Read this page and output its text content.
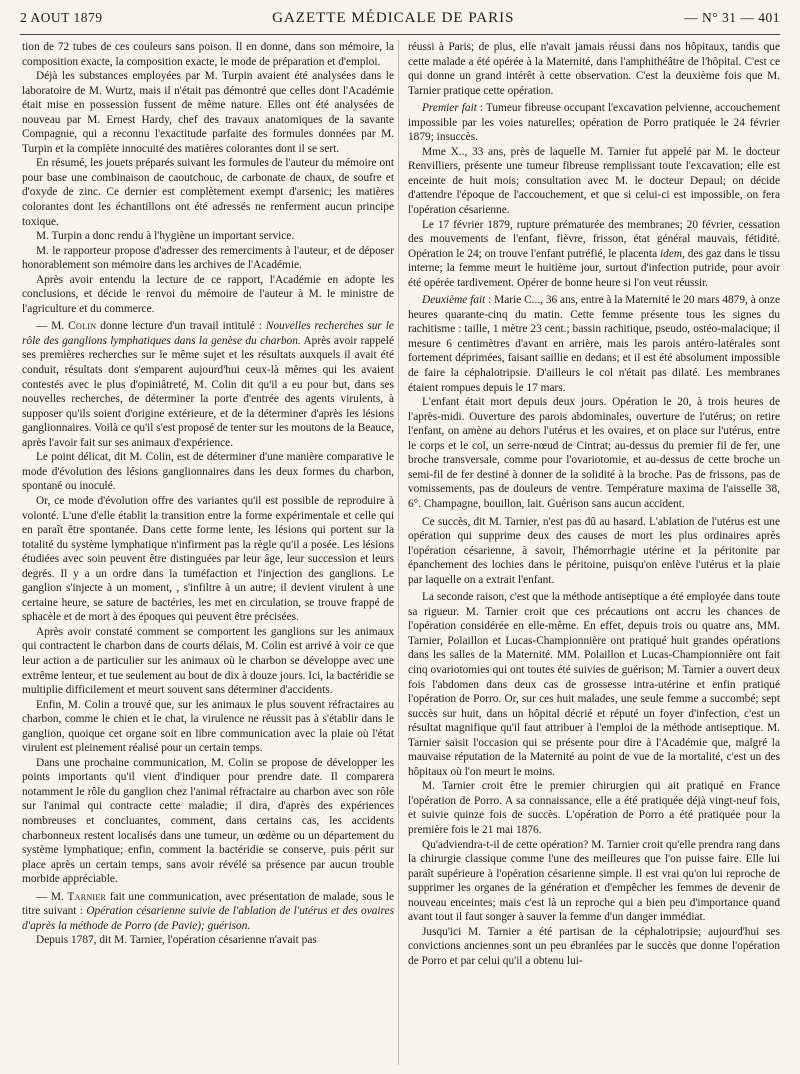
2 AOUT 1879	GAZETTE MÉDICALE DE PARIS	— N° 31 — 401

tion de 72 tubes de ces couleurs sans poison. Il en donne, dans son mémoire, la composition exacte, la composition exacte, le mode de préparation et d'emploi.

Déjà les substances employées par M. Turpin avaient été analysées dans le laboratoire de M. Wurtz, mais il n'était pas démontré que celles dont l'Académie était mise en possession fussent de même nature. Elles ont été analysées de nouveau par M. Ernest Hardy, chef des travaux anatomiques de la savante Compagnie, qui a reconnu l'exactitude parfaite des formules données par M. Turpin et la complète innocuité des matières colorantes dont il se sert.

En résumé, les jouets préparés suivant les formules de l'auteur du mémoire ont pour base une combinaison de caoutchouc, de carbonate de chaux, de soufre et d'oxyde de zinc. Ce dernier est complètement exempt d'arsenic; les matières colorantes dont les échantillons ont été adressés ne renferment aucun principe toxique.

M. Turpin a donc rendu à l'hygiène un important service.

M. le rapporteur propose d'adresser des remerciments à l'auteur, et de déposer honorablement son mémoire dans les archives de l'Académie.

Après avoir entendu la lecture de ce rapport, l'Académie en adopte les conclusions, et décide le renvoi du mémoire de l'auteur à M. le ministre de l'agriculture et du commerce.

— M. Colin donne lecture d'un travail intitulé : Nouvelles recherches sur le rôle des ganglions lymphatiques dans la genèse du charbon. Après avoir rappelé ses premières recherches sur le même sujet et les résultats auxquels il avait été conduit, résultats dont s'emparent aujourd'hui ceux-là mêmes qui les avaient contestés avec le plus d'opiniâtreté, M. Colin dit qu'il a eu pour but, dans ses nouvelles recherches, de déterminer la porte d'entrée des agents virulents, à supposer qu'ils soient d'origine extérieure, et de la déterminer d'après les lésions ganglionnaires. Voilà ce qu'il s'est proposé de tenter sur les moutons de la Beauce, après l'avoir fait sur ses animaux d'expérience.

Le point délicat, dit M. Colin, est de déterminer d'une manière comparative le mode d'évolution des lésions ganglionnaires dans les deux formes du charbon, spontané ou inoculé.

Or, ce mode d'évolution offre des variantes qu'il est possible de reproduire à volonté. L'une d'elle établit la transition entre la forme expérimentale et celle qui en paraît être spontanée. Dans cette forme lente, les lésions qui portent sur la totalité du système lymphatique n'infirment pas la règle qu'il a posée. Les lésions étudiées avec soin peuvent être distinguées par leur âge, leur succession et leurs degrés. Il y a un ordre dans la tuméfaction et l'injection des ganglions. Le ganglion s'injecte à un moment, , s'infiltre à un autre; il devient virulent à une certaine heure, se sature de bactéries, les met en circulation, se trouve frappé de sphacèle et de mort à des époques qui peuvent être précisées.

Après avoir constaté comment se comportent les ganglions sur les animaux qui contractent le charbon dans de courts délais, M. Colin est arrivé à voir ce que leur action a de particulier sur les animaux où le charbon se développe avec une extrême lenteur, et tue seulement au bout de dix à douze jours. Ici, la bactéridie se multiplie difficilement et meurt souvent sans déterminer d'accidents.

Enfin, M. Colin a trouvé que, sur les animaux le plus souvent réfractaires au charbon, comme le chien et le chat, la virulence ne réussit pas à s'établir dans le ganglion, quoique cet organe soit en libre communication avec la plaie où l'état virulent est pleinement réalisé pour un certain temps.

Dans une prochaine communication, M. Colin se propose de développer les points importants qu'il vient d'indiquer pour prendre date. Il comparera notamment le rôle du ganglion chez l'animal réfractaire au charbon avec son rôle sur l'animal qui contracte cette maladie; il dira, d'après des expériences nombreuses et concluantes, comment, dans certains cas, les accidents charbonneux restent localisés dans une tumeur, un œdème ou un département du système lymphatique; enfin, comment la bactéridie se conserve, puis périt sur place après un certain temps, sans avoir révélé sa présence par aucun trouble morbide appréciable.

— M. Tarnier fait une communication, avec présentation de malade, sous le titre suivant : Opération césarienne suivie de l'ablation de l'utérus et des ovaires d'après la méthode de Porro (de Pavie); guérison.

Depuis 1787, dit M. Tarnier, l'opération césarienne n'avait pas

réussi à Paris; de plus, elle n'avait jamais réussi dans nos hôpitaux, tandis que cette malade a été opérée à la Maternité, dans l'amphithéâtre de l'hôpital. C'est ce qui donne un grand intérêt à cette observation. C'est la deuxième fois que M. Tarnier pratique cette opération.

Premier fait : Tumeur fibreuse occupant l'excavation pelvienne, accouchement impossible par les voies naturelles; opération de Porro pratiquée le 24 février 1879; insuccès.

Mme X.., 33 ans, près de laquelle M. Tarnier fut appelé par M. le docteur Renvilliers, présente une tumeur fibreuse remplissant toute l'excavation; elle est enceinte de huit mois; consultation avec M. le docteur Depaul; on décide d'attendre l'époque de l'accouchement, et que si celui-ci est impossible, on fera l'opération césarienne.

Le 17 février 1879, rupture prématurée des membranes; 20 février, cessation des mouvements de l'enfant, fièvre, frisson, état général mauvais, fétidité. Opération le 24; on trouve l'enfant putréfié, le placenta idem, des gaz dans le tissu interne; la femme meurt le huitième jour, surtout d'infection putride, pour avoir été opérée tardivement. Opérer de bonne heure si l'on veut réussir.

Deuxième fait : Marie C..., 36 ans, entre à la Maternité le 20 mars 4879, à onze heures quarante-cinq du matin. Cette femme présente tous les signes du rachitisme : taille, 1 mètre 23 cent.; bassin rachitique, pseudo, ostéo-malacique; il mesure 6 centimètres d'avant en arrière, mais les parois antéro-latérales sont fortement déprimées, faisant saillie en dedans; et il est été absolument impossible de faire la céphalotripsie. D'ailleurs le col n'était pas dilaté. Les membranes étaient rompues depuis le 17 mars.

L'enfant était mort depuis deux jours. Opération le 20, à trois heures de l'après-midi. Ouverture des parois abdominales, ouverture de l'utérus; on retire l'enfant, on amène au dehors l'utérus et les ovaires, et on place sur l'utérus, entre le corps et le col, un serre-nœud de Cintrat; au-dessus du premier fil de fer, une broche transversale, comme pour l'ovariotomie, et au-dessus de cette broche un semi-fil de fer destiné à donner de la solidité à la broche. Pas de frissons, pas de vomissements, pas de douleurs de ventre. Température maxima de l'aisselle 38, 6°. Champagne, bouillon, lait. Guérison sans aucun accident.

Ce succès, dit M. Tarnier, n'est pas dû au hasard. L'ablation de l'utérus est une opération qui supprime deux des causes de mort les plus ordinaires après l'opération césarienne, à savoir, l'hémorrhagie utérine et la péritonite par épanchement des lochies dans le péritoine, puisqu'on enlève l'utérus et la plaie par laquelle on a extrait l'enfant.

La seconde raison, c'est que la méthode antiseptique a été employée dans toute sa rigueur. M. Tarnier croit que ces précautions ont accru les chances de l'opération considérée en elle-même. En effet, depuis trois ou quatre ans, MM. Tarnier, Polaillon et Lucas-Championnière ont pratiqué huit grandes opérations dans les salles de la Maternité. MM. Polaillon et Lucas-Championnière ont fait cinq ovariotomies qui ont toutes été suivies de guérison; M. Tarnier a ouvert deux fois l'abdomen dans deux cas de grossesse intra-utérine et enfin pratiqué l'opération de Porro. Or, sur ces huit malades, une seule femme a succombé; sept succès sur huit, dans un hôpital décrié et réputé un foyer d'infection, c'est un résultat magnifique qu'il faut attribuer à l'emploi de la méthode antiseptique. M. Tarnier saisit l'occasion qui se présente pour dire à l'Académie que, malgré la mauvaise réputation de la Maternité au point de vue de la mortalité, c'est un des hôpitaux où l'on meurt le moins.

M. Tarnier croit être le premier chirurgien qui ait pratiqué en France l'opération de Porro. A sa connaissance, elle a été pratiquée déjà vingt-neuf fois, et suivie quinze fois de succès. L'opération de Porro a été pratiquée pour la première fois le 21 mai 1876.

Qu'adviendra-t-il de cette opération? M. Tarnier croit qu'elle prendra rang dans la chirurgie classique comme l'une des meilleures que l'on puisse faire. Elle lui paraît supérieure à l'opération césarienne simple. Il est vrai qu'on lui reproche de supprimer les organes de la génération et d'empêcher les femmes de devenir de nouveau enceintes; mais c'est là un reproche qui a bien peu d'importance quand avant tout il faut songer à sauver la femme d'un danger immédiat.

Jusqu'ici M. Tarnier a été partisan de la céphalotripsie; aujourd'hui ses convictions anciennes sont un peu ébranlées par le succès que donne l'opération de Porro et par celui qu'il a obtenu lui-
